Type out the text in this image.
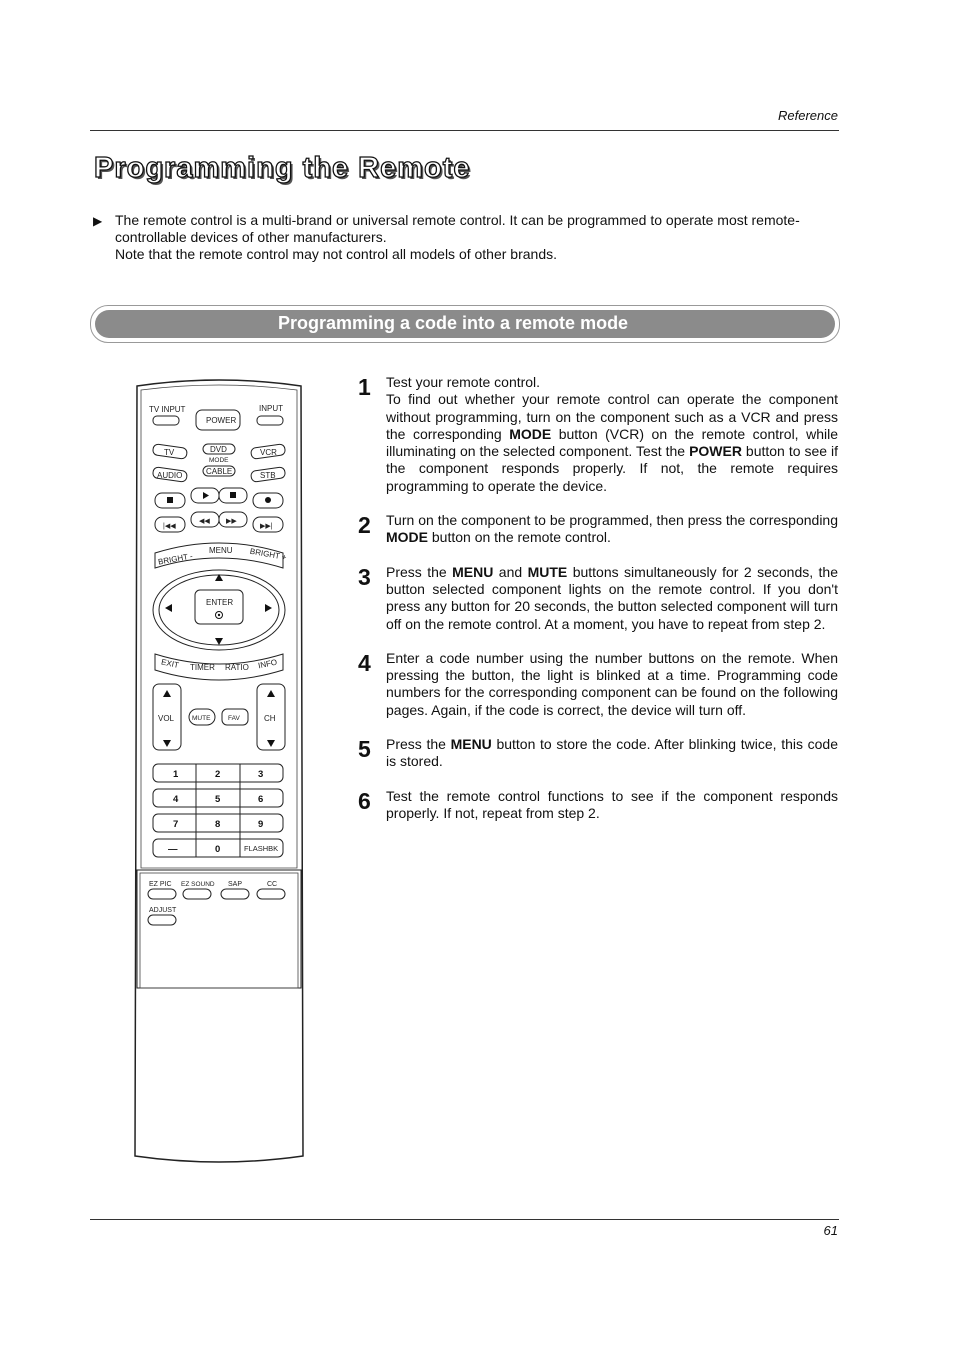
Reference
Programming the Remote
▶ The remote control is a multi-brand or universal remote control. It can be programmed to operate most remote-controllable devices of other manufacturers.

Note that the remote control may not control all models of other brands.

Programming a code into a remote mode
TV INPUT
POWER
INPUT
TV	DVD
MODE
VCR
AUDIO	CABLE	STB
|◀◀
◀◀ ▶▶
▶▶|
BRIGHT -
MENU BRIGHT +
ENTER
EXIT TIMER RATIO INFO
VOL	CH
MUTE	FAV
1	2	3
4	5	6
7	8	9
—	0	FLASHBK
EZ PIC EZ SOUND SAP	CC
ADJUST
1 Test your remote control.
To find out whether your remote control can operate the component without programming, turn on the component such as a VCR and press the corresponding MODE button (VCR) on the remote control, while illuminating on the selected component. Test the POWER button to see if the component responds properly. If not, the remote requires programming to operate the device.
2 Turn on the component to be programmed, then press the corresponding MODE button on the remote control.
3 Press the MENU and MUTE buttons simultaneously for 2 seconds, the button selected component lights on the remote control. If you don't press any button for 20 seconds, the button selected component will turn off on the remote control. At a moment, you have to repeat from step 2.
4 Enter a code number using the number buttons on the remote. When pressing the button, the light is blinked at a time. Programming code numbers for the corresponding component can be found on the following pages. Again, if the code is correct, the device will turn off.
5 Press the MENU button to store the code. After blinking twice, this code is stored.
6 Test the remote control functions to see if the component responds properly. If not, repeat from step 2.
61
